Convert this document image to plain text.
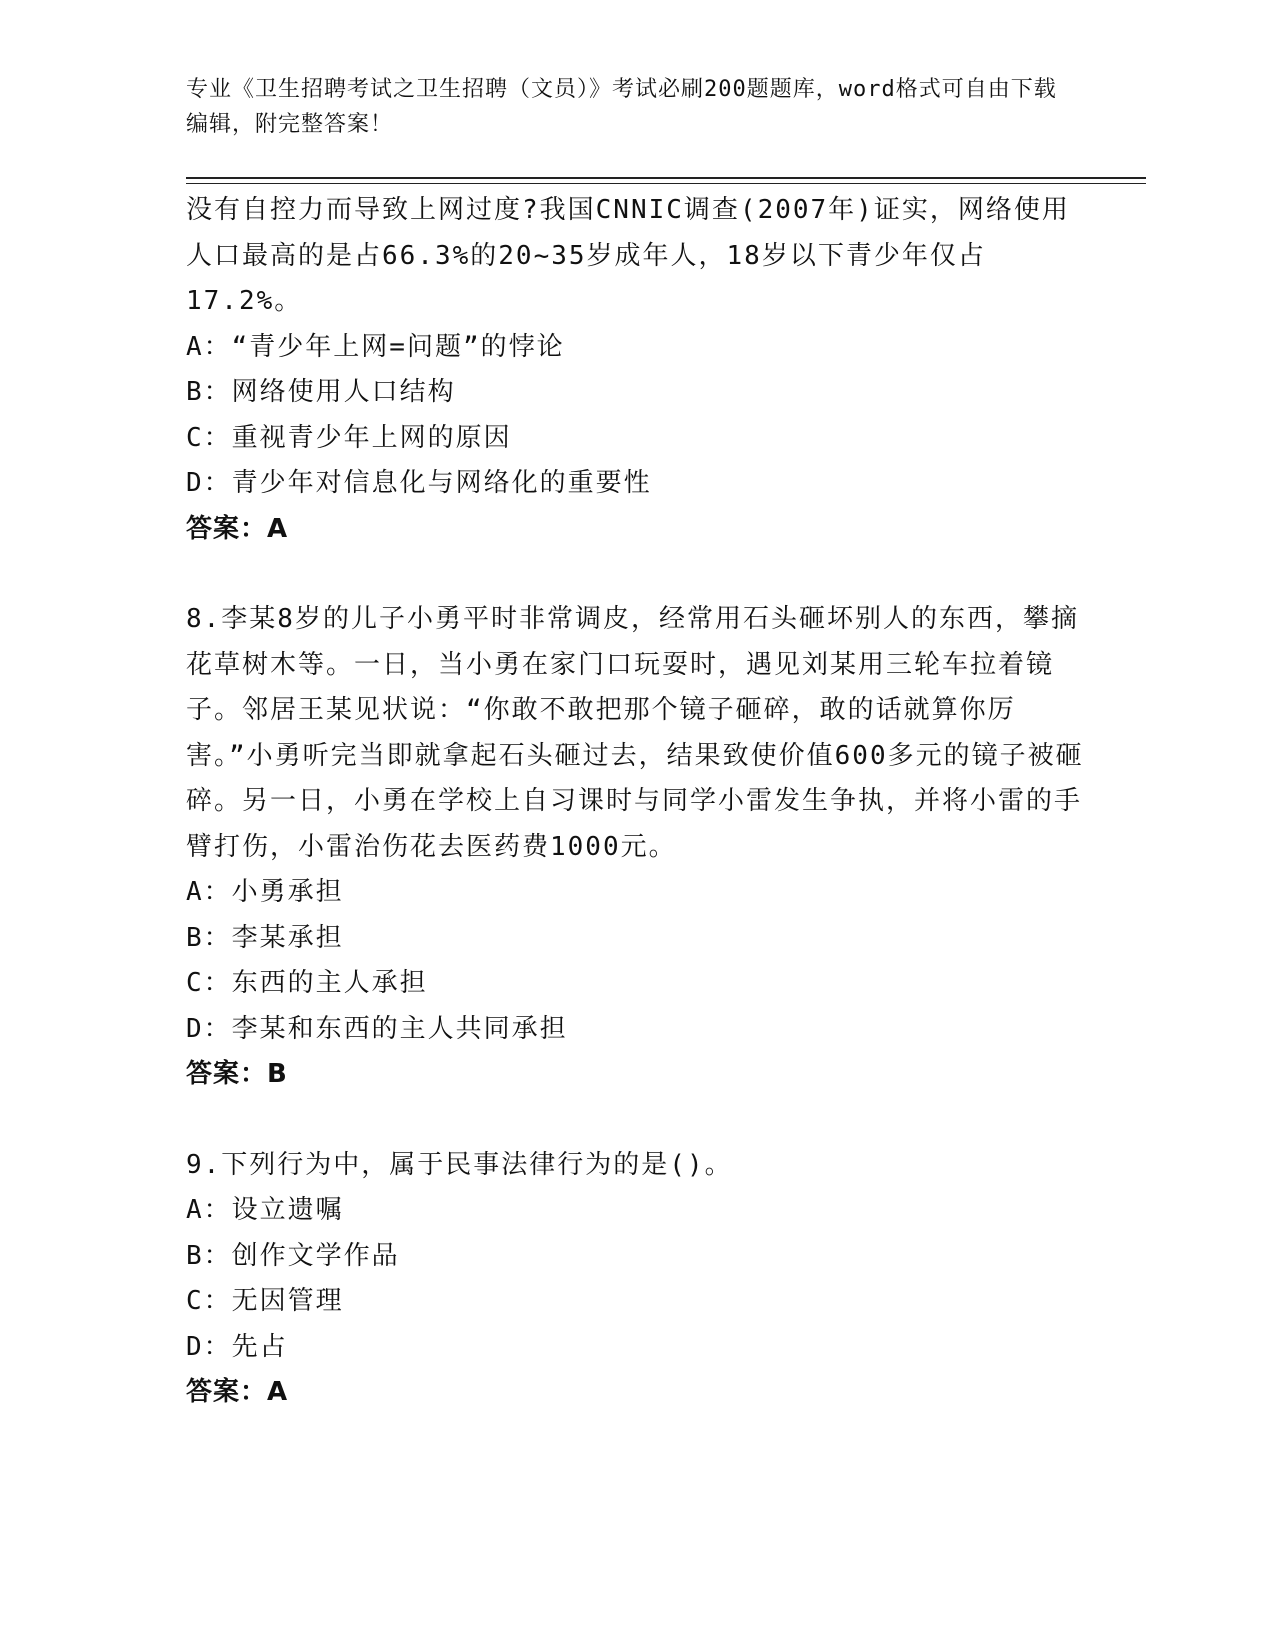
专业《卫生招聘考试之卫生招聘（文员）》考试必刷200题题库，word格式可自由下载编辑，附完整答案！

没有自控力而导致上网过度?我国CNNIC调查(2007年)证实，网络使用人口最高的是占66.3%的20~35岁成年人，18岁以下青少年仅占17.2%。

A：“青少年上网=问题”的悖论

B：网络使用人口结构

C：重视青少年上网的原因

D：青少年对信息化与网络化的重要性

答案：A

8.李某8岁的儿子小勇平时非常调皮，经常用石头砸坏别人的东西，攀摘花草树木等。一日，当小勇在家门口玩耍时，遇见刘某用三轮车拉着镜子。邻居王某见状说：“你敢不敢把那个镜子砸碎，敢的话就算你厉害。”小勇听完当即就拿起石头砸过去，结果致使价值600多元的镜子被砸碎。另一日，小勇在学校上自习课时与同学小雷发生争执，并将小雷的手臂打伤，小雷治伤花去医药费1000元。

A：小勇承担

B：李某承担

C：东西的主人承担

D：李某和东西的主人共同承担

答案：B

9.下列行为中，属于民事法律行为的是()。

A：设立遗嘱

B：创作文学作品

C：无因管理

D：先占

答案：A
